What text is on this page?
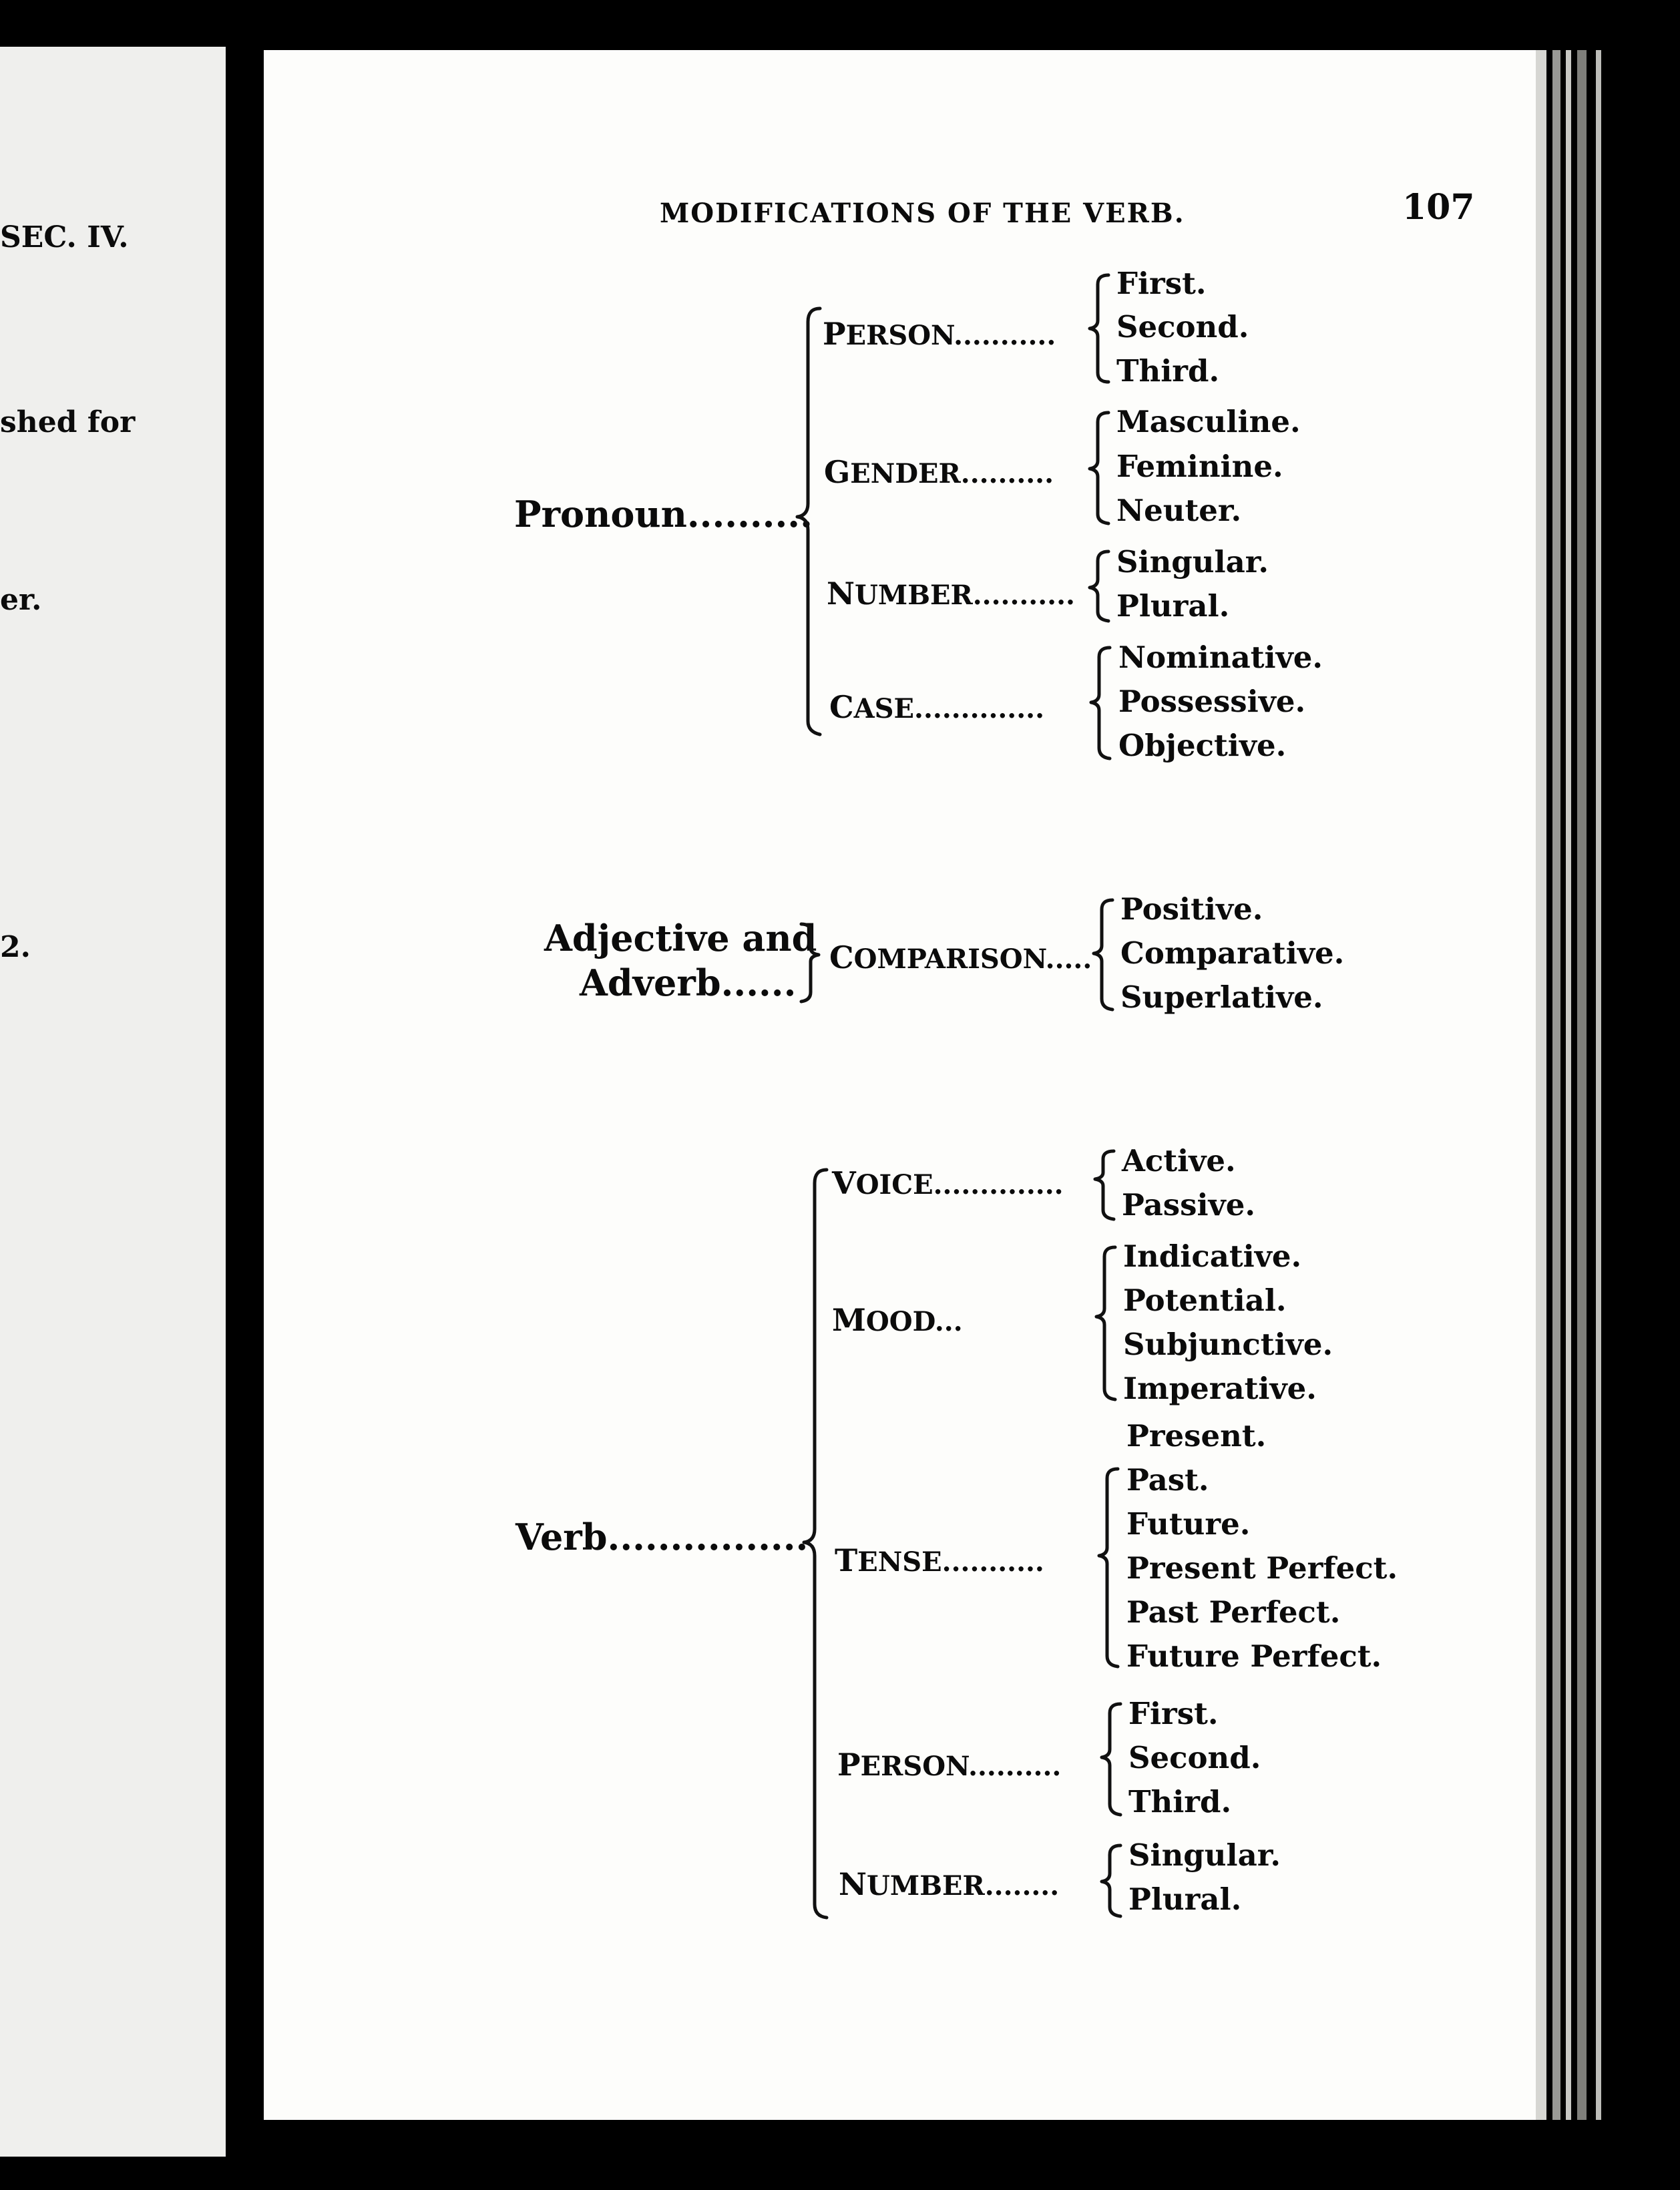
SEC. IV.
shed for
er.
2.
MODIFICATIONS OF THE VERB.	107
Pronoun..........
PERSON...........
First.
Second.
Third.
GENDER..........
Masculine.
Feminine.
Neuter.
NUMBER...........
Singular.
Plural.
CASE..............
Nominative.
Possessive.
Objective.
Adjective and
Adverb......
COMPARISON.....
Positive.
Comparative.
Superlative.
Verb................
VOICE..............
Active.
Passive.
MOOD...
Indicative.
Potential.
Subjunctive.
Imperative.
TENSE...........
Present.
Past.
Future.
Present Perfect.
Past Perfect.
Future Perfect.
PERSON..........
First.
Second.
Third.
NUMBER........
Singular.
Plural.
